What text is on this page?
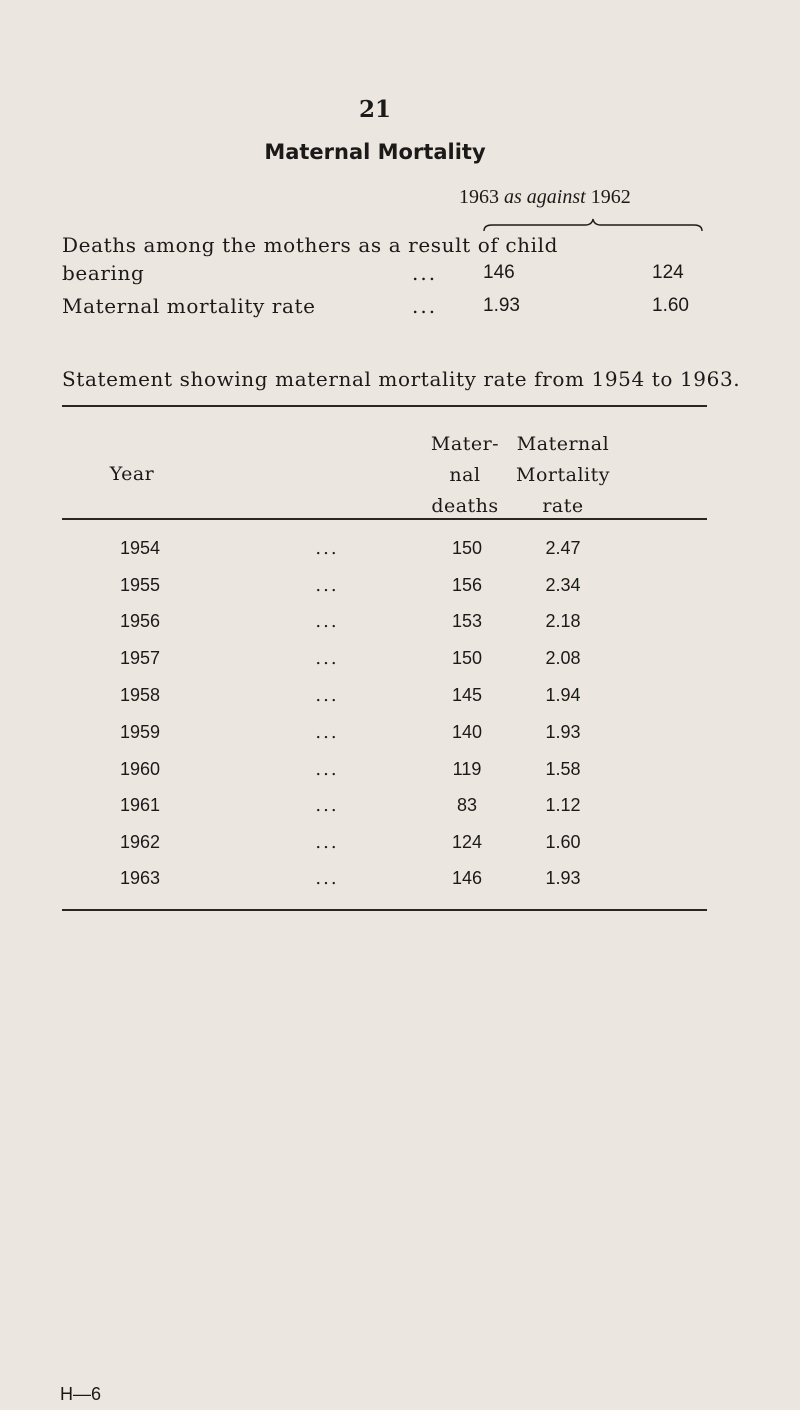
21
Maternal Mortality
1963 as against 1962
Deaths among the mothers as a result of child
bearing	... 146	124
Maternal mortality rate	... 1.93	1.60
Statement showing maternal mortality rate from 1954 to 1963.
Year
Mater-
nal
deaths
Maternal
Mortality
rate
1954	...	150	2.47
1955	...	156	2.34
1956	...	153	2.18
1957	...	150	2.08
1958	...	145	1.94
1959	...	140	1.93
1960	...	119	1.58
1961	...	83	1.12
1962	...	124	1.60
1963	...	146	1.93
H—6
